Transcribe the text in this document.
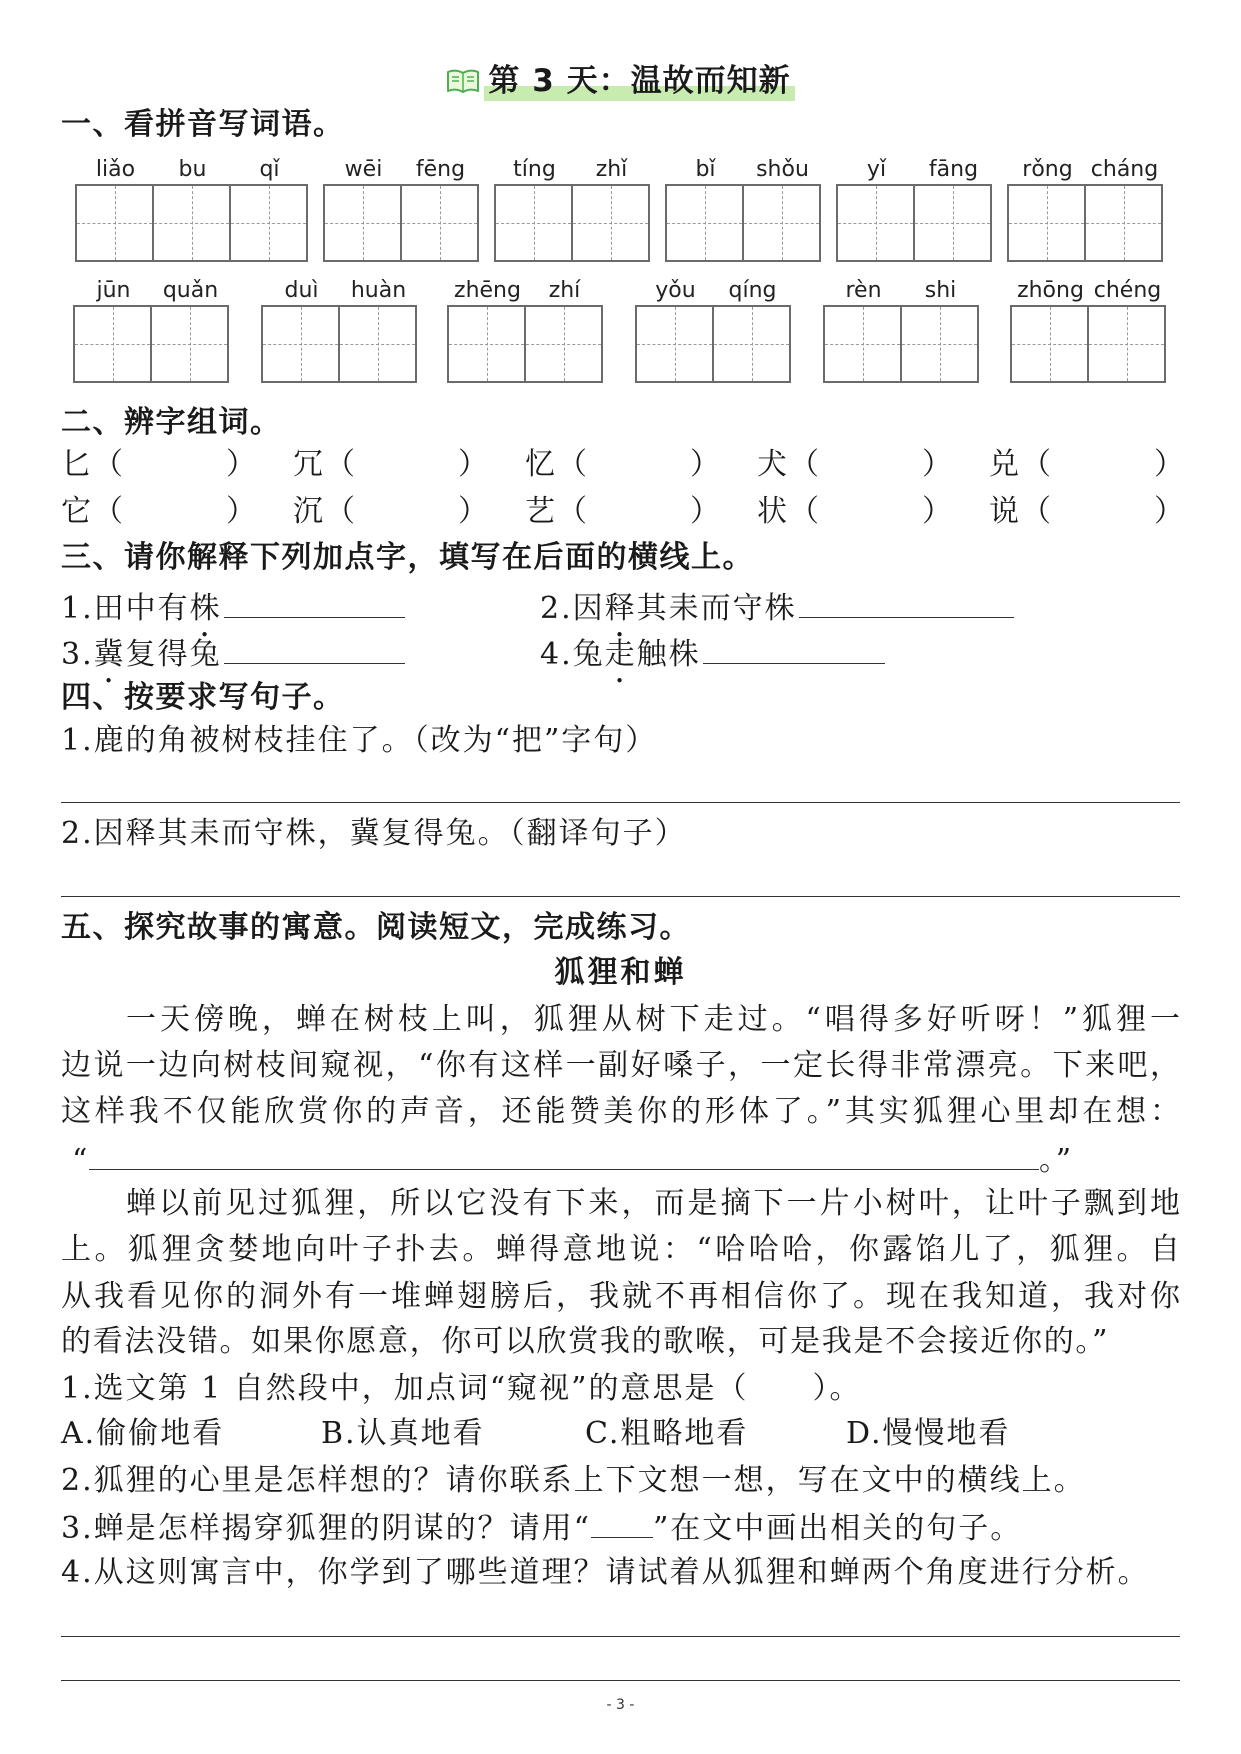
第 3 天：温故而知新
一、看拼音写词语。
liǎo	bu	qǐ	wēi	fēng	tíng	zhǐ	bǐ	shǒu	yǐ	fāng	rǒng cháng
jūn	quǎn	duì	huàn	zhēng	zhí	yǒu	qíng	rèn	shi	zhōng chéng
二、辨字组词。
匕 （	） 冗 （	） 忆 （	） 犬 （	） 兑 （	）
它 （	） 沉 （	） 艺 （	） 状 （	） 说 （	）
三、请你解释下列加点字，填写在后面的横线上。
1.田中有株	2.因释其耒而守株
3.冀复得兔	4.兔走触株
四、按要求写句子。
1.鹿的角被树枝挂住了。（改为“把”字句）
2.因释其耒而守株，冀复得兔。（翻译句子）
五、探究故事的寓意。阅读短文，完成练习。
狐狸和蝉
一天傍晚，蝉在树枝上叫，狐狸从树下走过。“唱得多好听呀！”狐狸一
边说一边向树枝间窥视，“你有这样一副好嗓子，一定长得非常漂亮。下来吧，
这样我不仅能欣赏你的声音，还能赞美你的形体了。”其实狐狸心里却在想：
“	。”
蝉以前见过狐狸，所以它没有下来，而是摘下一片小树叶，让叶子飘到地
上。狐狸贪婪地向叶子扑去。蝉得意地说：“哈哈哈，你露馅儿了，狐狸。自
从我看见你的洞外有一堆蝉翅膀后，我就不再相信你了。现在我知道，我对你
的看法没错。如果你愿意，你可以欣赏我的歌喉，可是我是不会接近你的。”
1.选文第 1 自然段中，加点词“窥视”的意思是（　　）。
A.偷偷地看	B.认真地看	C.粗略地看	D.慢慢地看
2.狐狸的心里是怎样想的？请你联系上下文想一想，写在文中的横线上。
3.蝉是怎样揭穿狐狸的阴谋的？请用“ ”在文中画出相关的句子。
4.从这则寓言中，你学到了哪些道理？请试着从狐狸和蝉两个角度进行分析。
- 3 -
